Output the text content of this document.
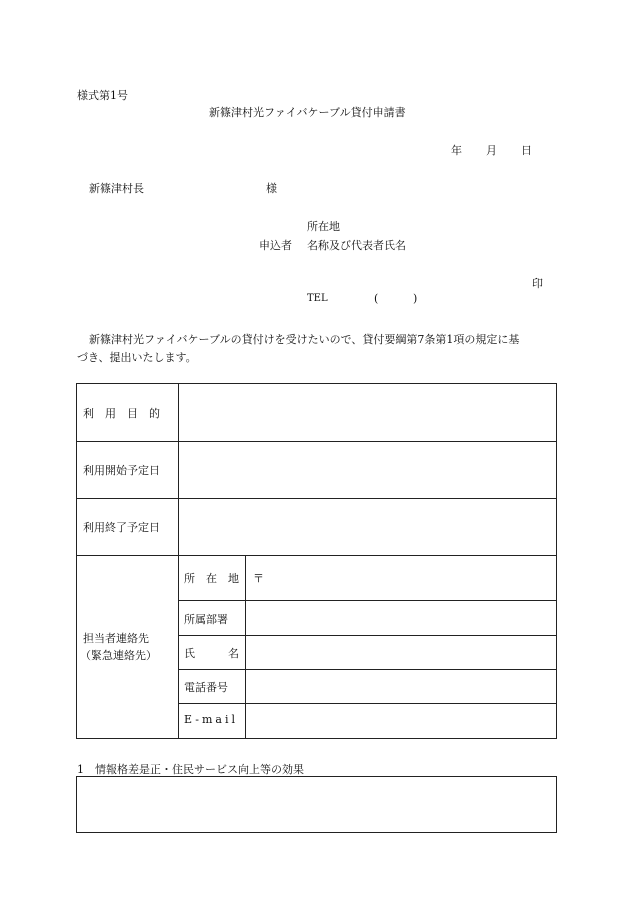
様式第1号
新篠津村光ファイバケーブル貸付申請書
年 月 日
新篠津村長	様
所在地
申込者 名称及び代表者氏名
印
TEL	(	)
新篠津村光ファイバケーブルの貸付けを受けたいので、貸付要綱第7条第1項の規定に基
づき、提出いたします。
利　用　目　的
利用開始予定日
利用終了予定日
担当者連絡先
（緊急連絡先）
所　在　地 〒
所属部署
氏　　　名
電話番号
E-mail
1　情報格差是正・住民サービス向上等の効果
